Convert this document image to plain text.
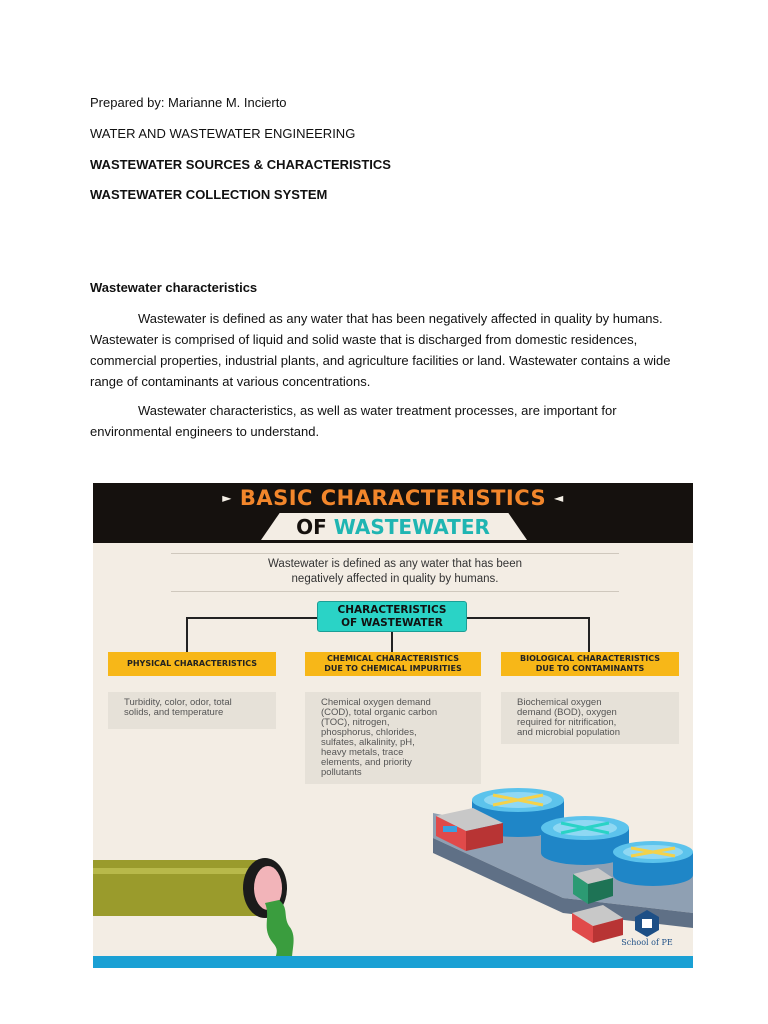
Prepared by: Marianne M. Incierto
WATER AND WASTEWATER ENGINEERING
WASTEWATER SOURCES & CHARACTERISTICS
WASTEWATER COLLECTION SYSTEM
Wastewater characteristics
Wastewater is defined as any water that has been negatively affected in quality by humans. Wastewater is comprised of liquid and solid waste that is discharged from domestic residences, commercial properties, industrial plants, and agriculture facilities or land. Wastewater contains a wide range of contaminants at various concentrations.
Wastewater characteristics, as well as water treatment processes, are important for environmental engineers to understand.
► BASIC CHARACTERISTICS ◄
OF WASTEWATER
Wastewater is defined as any water that has been
negatively affected in quality by humans.
CHARACTERISTICS
OF WASTEWATER
PHYSICAL CHARACTERISTICS
CHEMICAL CHARACTERISTICS
DUE TO CHEMICAL IMPURITIES
BIOLOGICAL CHARACTERISTICS
DUE TO CONTAMINANTS
Turbidity, color, odor, total
solids, and temperature
Chemical oxygen demand
(COD), total organic carbon
(TOC), nitrogen,
phosphorus, chlorides,
sulfates, alkalinity, pH,
heavy metals, trace
elements, and priority
pollutants
Biochemical oxygen
demand (BOD), oxygen
required for nitrification,
and microbial population
School of PE
